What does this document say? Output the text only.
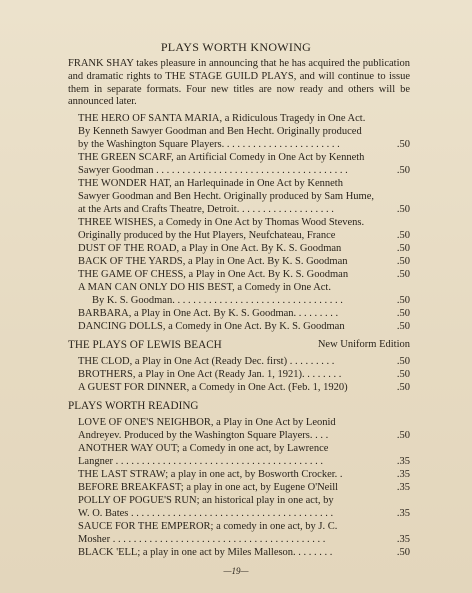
PLAYS WORTH KNOWING
FRANK SHAY takes pleasure in announcing that he has acquired the publication and dramatic rights to THE STAGE GUILD PLAYS, and will continue to issue them in separate formats. Four new titles are now ready and others will be announced later.
THE HERO OF SANTA MARIA, a Ridiculous Tragedy in One Act.
By Kenneth Sawyer Goodman and Ben Hecht. Originally produced
by the Washington Square Players. . . . . . . . . . . . . . . . . . . . . . .	.50
THE GREEN SCARF, an Artificial Comedy in One Act by Kenneth
Sawyer Goodman . . . . . . . . . . . . . . . . . . . . . . . . . . . . . . . . . . . . .	.50
THE WONDER HAT, an Harlequinade in One Act by Kenneth
Sawyer Goodman and Ben Hecht. Originally produced by Sam Hume,
at the Arts and Crafts Theatre, Detroit. . . . . . . . . . . . . . . . . . .	.50
THREE WISHES, a Comedy in One Act by Thomas Wood Stevens.
Originally produced by the Hut Players, Neufchateau, France	.50
DUST OF THE ROAD, a Play in One Act. By K. S. Goodman	.50
BACK OF THE YARDS, a Play in One Act. By K. S. Goodman	.50
THE GAME OF CHESS, a Play in One Act. By K. S. Goodman	.50
A MAN CAN ONLY DO HIS BEST, a Comedy in One Act.
By K. S. Goodman. . . . . . . . . . . . . . . . . . . . . . . . . . . . . . . . .	.50
BARBARA, a Play in One Act. By K. S. Goodman. . . . . . . . .	.50
DANCING DOLLS, a Comedy in One Act. By K. S. Goodman	.50
THE PLAYS OF LEWIS BEACH	New Uniform Edition
THE CLOD, a Play in One Act (Ready Dec. first) . . . . . . . . .	.50
BROTHERS, a Play in One Act (Ready Jan. 1, 1921). . . . . . . .	.50
A GUEST FOR DINNER, a Comedy in One Act. (Feb. 1, 1920)	.50
PLAYS WORTH READING
LOVE OF ONE'S NEIGHBOR, a Play in One Act by Leonid
Andreyev. Produced by the Washington Square Players. . . .	.50
ANOTHER WAY OUT; a Comedy in one act, by Lawrence
Langner . . . . . . . . . . . . . . . . . . . . . . . . . . . . . . . . . . . . . . . .	.35
THE LAST STRAW; a play in one act, by Bosworth Crocker. .	.35
BEFORE BREAKFAST; a play in one act, by Eugene O'Neill	.35
POLLY OF POGUE'S RUN; an historical play in one act, by
W. O. Bates . . . . . . . . . . . . . . . . . . . . . . . . . . . . . . . . . . . . . . .	.35
SAUCE FOR THE EMPEROR; a comedy in one act, by J. C.
Mosher . . . . . . . . . . . . . . . . . . . . . . . . . . . . . . . . . . . . . . . . .	.35
BLACK 'ELL; a play in one act by Miles Malleson. . . . . . . .	.50
—19—
